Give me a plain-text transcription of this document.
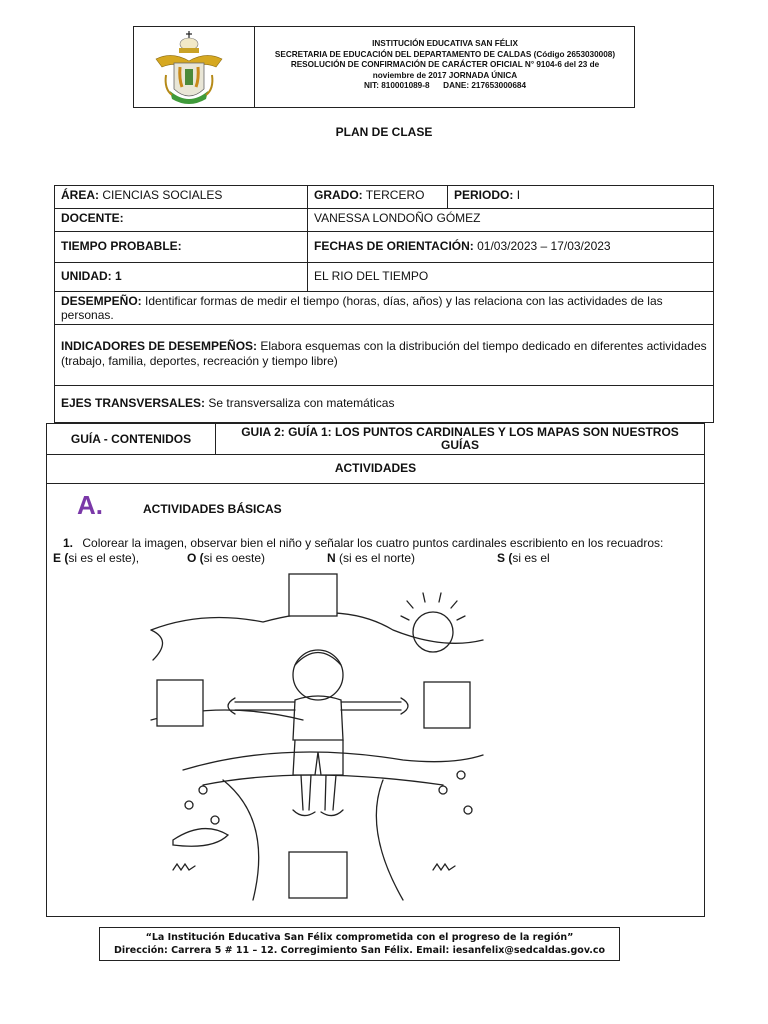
INSTITUCIÓN EDUCATIVA SAN FÉLIX
SECRETARIA DE EDUCACIÓN DEL DEPARTAMENTO DE CALDAS (Código 2653030008)
RESOLUCIÓN DE CONFIRMACIÓN DE CARÁCTER OFICIAL N° 9104-6 del 23 de
noviembre de 2017 JORNADA ÚNICA
NIT: 810001089-8      DANE: 217653000684
PLAN DE CLASE
ÁREA: CIENCIAS SOCIALES	GRADO: TERCERO	PERIODO: I
DOCENTE:	VANESSA LONDOÑO GÓMEZ
TIEMPO PROBABLE:	FECHAS DE ORIENTACIÓN: 01/03/2023 – 17/03/2023
UNIDAD: 1	EL RIO DEL TIEMPO
DESEMPEÑO: Identificar formas de medir el tiempo (horas, días, años) y las relaciona con las actividades de las personas.
INDICADORES DE DESEMPEÑOS: Elabora esquemas con la distribución del tiempo dedicado en diferentes actividades (trabajo, familia, deportes, recreación y tiempo libre)
EJES TRANSVERSALES: Se transversaliza con matemáticas
GUÍA - CONTENIDOS	GUIA 2: GUÍA 1: LOS PUNTOS CARDINALES Y LOS MAPAS SON NUESTROS
GUÍAS
ACTIVIDADES
A.	ACTIVIDADES BÁSICAS
1. Colorear la imagen, observar bien el niño y señalar los cuatro puntos cardinales escribiento en los recuadros:
E (si es el este),	O (si es oeste)	N (si es el norte)	S (si es el
“La Institución Educativa San Félix comprometida con el progreso de la región”
Dirección: Carrera 5 # 11 – 12. Corregimiento San Félix. Email: iesanfelix@sedcaldas.gov.co
